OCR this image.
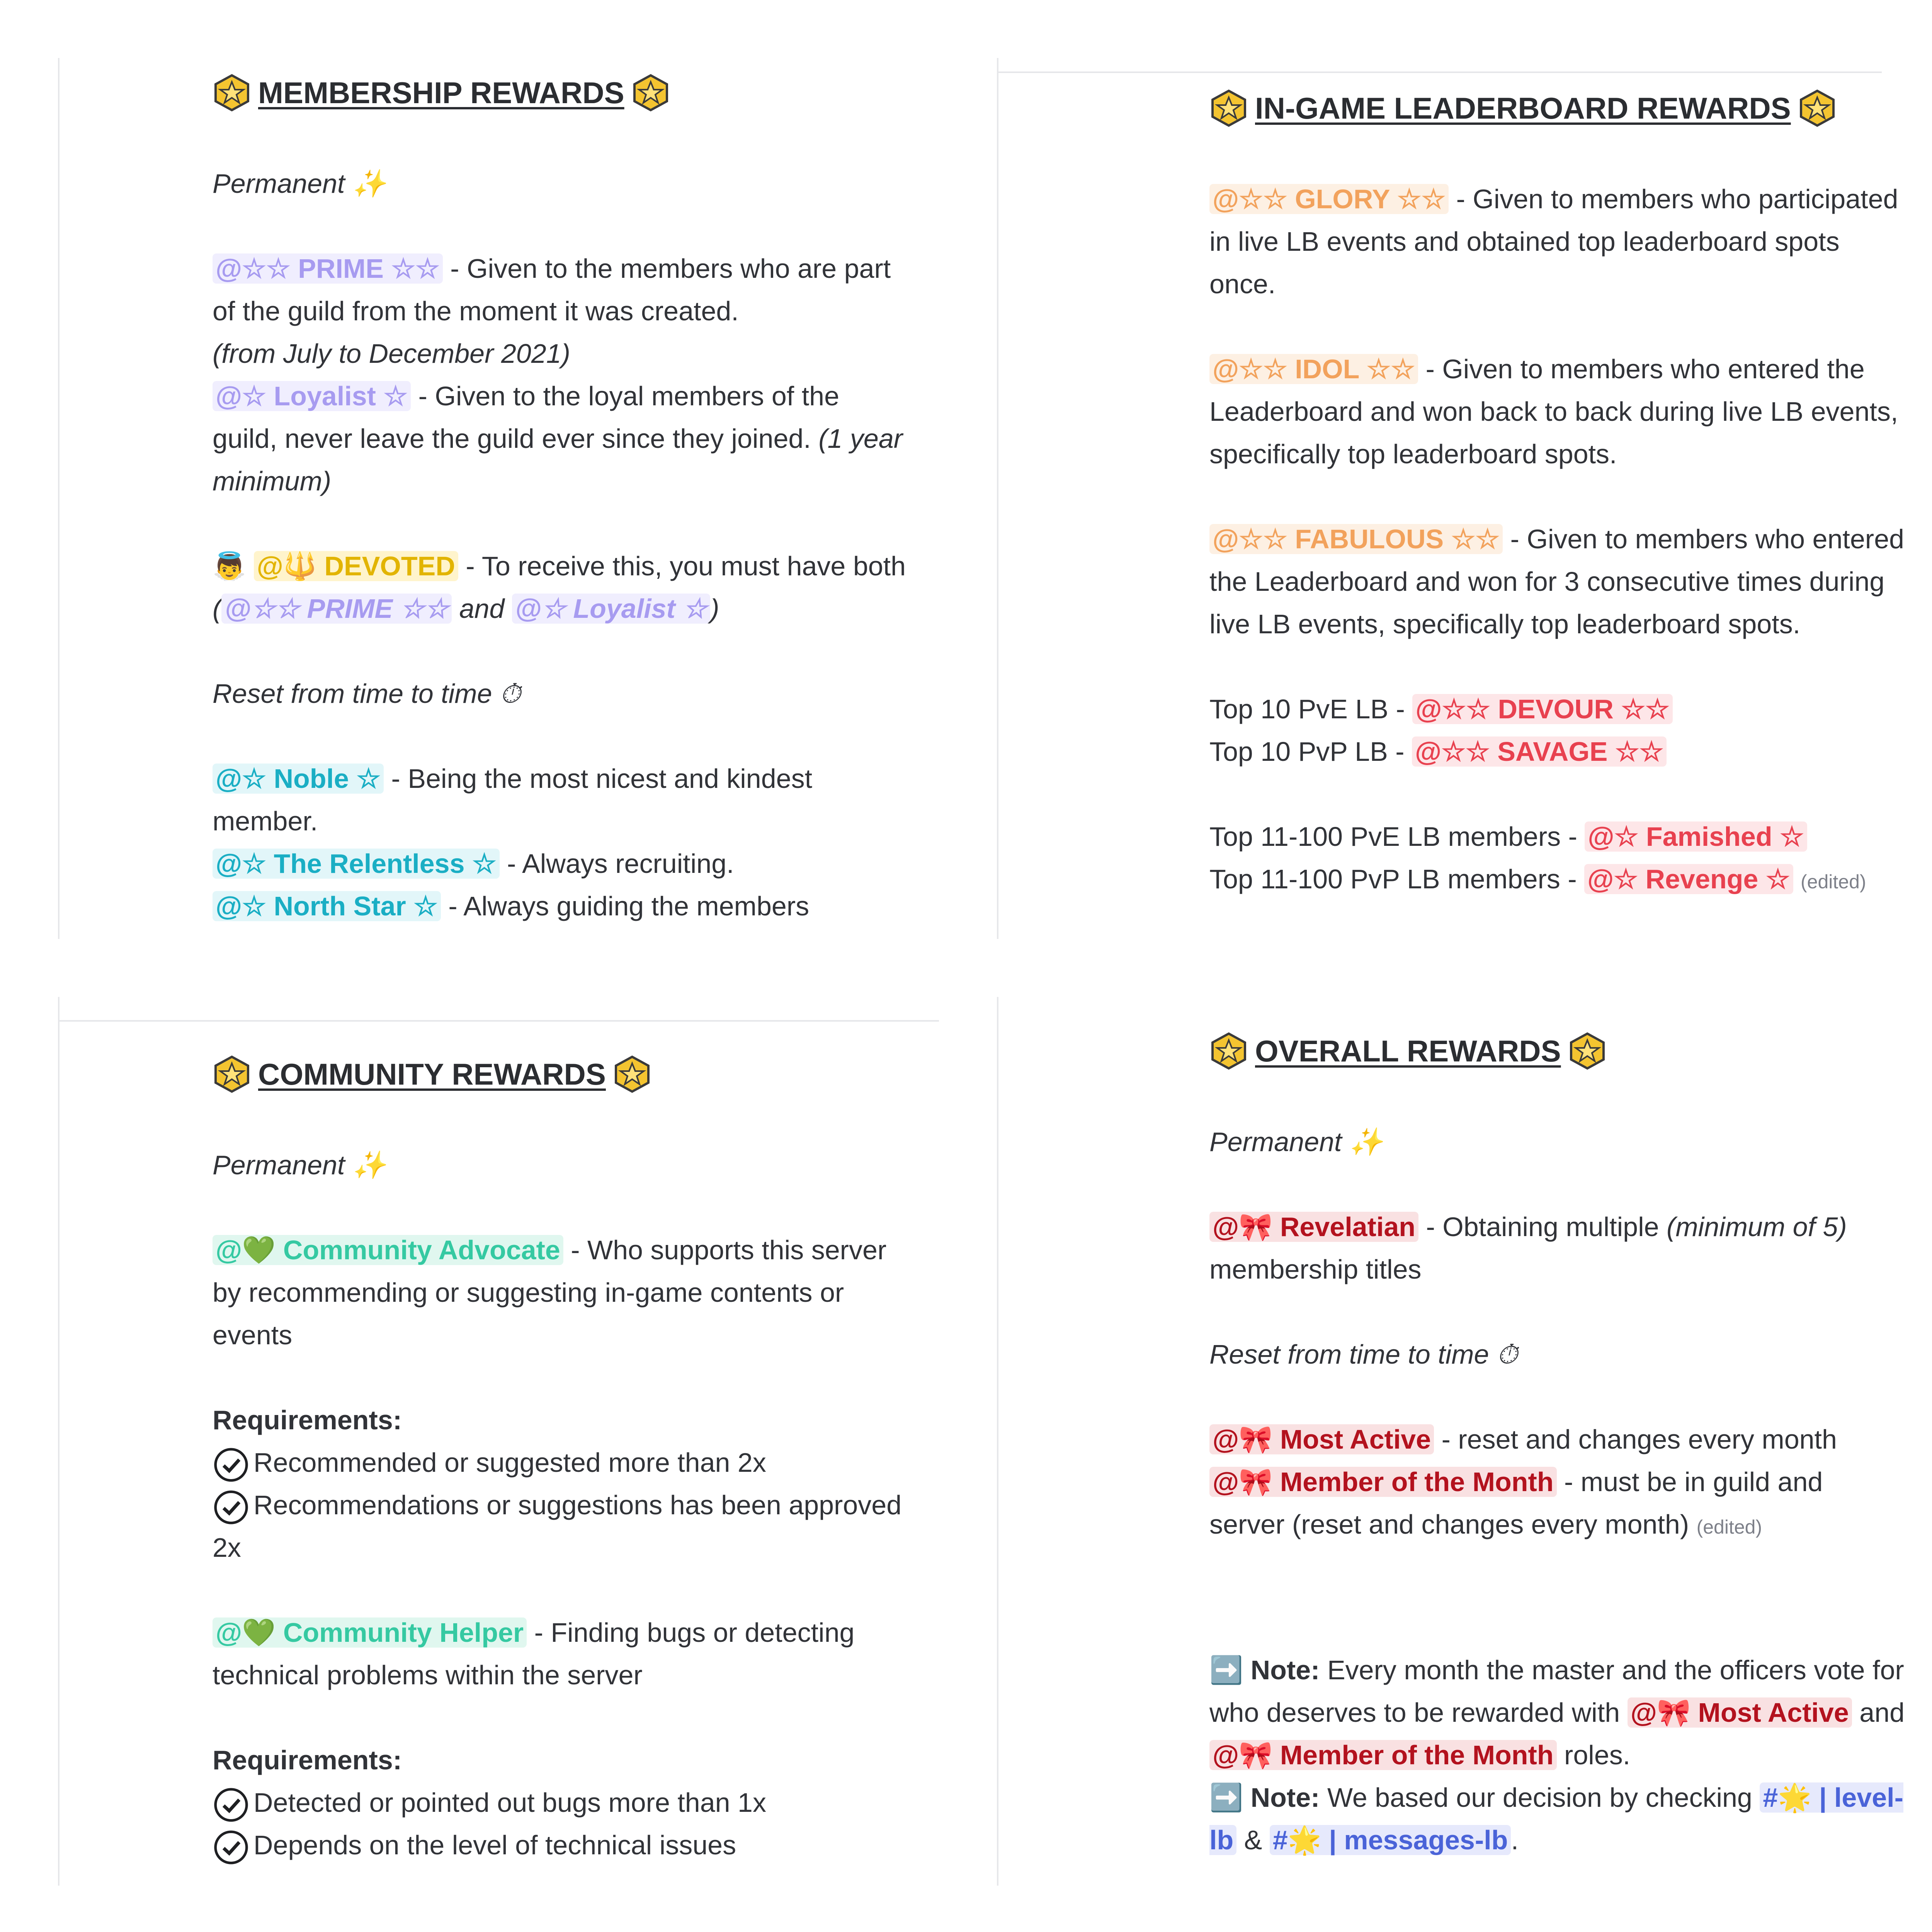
MEMBERSHIP REWARDS
Permanent ✨

@☆☆ PRIME ☆☆ - Given to the members who are part of the guild from the moment it was created.

(from July to December 2021)

@☆ Loyalist ☆ - Given to the loyal members of the guild, never leave the guild ever since they joined. (1 year minimum)

👼 @🔱 DEVOTED - To receive this, you must have both ( @☆☆ PRIME ☆☆ and @☆ Loyalist ☆ )
Reset from time to time ⏱

@☆ Noble ☆ - Being the most nicest and kindest member.

@☆ The Relentless ☆ - Always recruiting.

@☆ North Star ☆ - Always guiding the members

IN-GAME LEADERBOARD REWARDS
@☆☆ GLORY ☆☆ - Given to members who participated in live LB events and obtained top leaderboard spots once.
@☆☆ IDOL ☆☆ - Given to members who entered the Leaderboard and won back to back during live LB events, specifically top leaderboard spots.
@☆☆ FABULOUS ☆☆ - Given to members who entered the Leaderboard and won for 3 consecutive times during live LB events, specifically top leaderboard spots.

Top 10 PvE LB - @☆☆ DEVOUR ☆☆

Top 10 PvP LB - @☆☆ SAVAGE ☆☆

Top 11-100 PvE LB members - @☆ Famished ☆

Top 11-100 PvP LB members - @☆ Revenge ☆ (edited)

COMMUNITY REWARDS
Permanent ✨
@💚 Community Advocate - Who supports this server by recommending or suggesting in-game contents or events

Requirements:

Recommended or suggested more than 2x

Recommendations or suggestions has been approved 2x

@💚 Community Helper - Finding bugs or detecting technical problems within the server

Requirements:

Detected or pointed out bugs more than 1x

Depends on the level of technical issues

OVERALL REWARDS
Permanent ✨
@🎀 Revelatian - Obtaining multiple (minimum of 5) membership titles
Reset from time to time ⏱

@🎀 Most Active - reset and changes every month

@🎀 Member of the Month - must be in guild and server (reset and changes every month) (edited)

➡️ Note: Every month the master and the officers vote for who deserves to be rewarded with @🎀 Most Active and @🎀 Member of the Month roles.

➡️ Note: We based our decision by checking #🌟 | level-lb & #🌟 | messages-lb .
